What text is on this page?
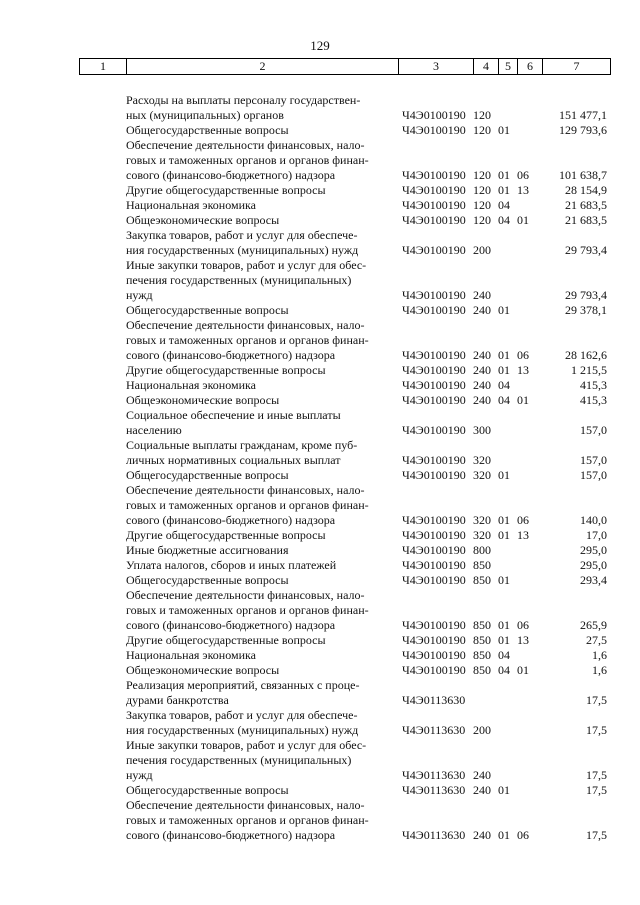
129
1	2	3	4	5	6	7
Расходы на выплаты персоналу государствен-
ных (муниципальных) органов	Ч4Э0100190	120			151 477,1

Общегосударственные вопросы	Ч4Э0100190	120	01		129 793,6

Обеспечение деятельности финансовых, нало-
говых и таможенных органов и органов финан-
сового (финансово-бюджетного) надзора	Ч4Э0100190	120	01	06	101 638,7

Другие общегосударственные вопросы	Ч4Э0100190	120	01	13	28 154,9

Национальная экономика	Ч4Э0100190	120	04		21 683,5

Общеэкономические вопросы	Ч4Э0100190	120	04	01	21 683,5

Закупка товаров, работ и услуг для обеспече-
ния государственных (муниципальных) нужд	Ч4Э0100190	200			29 793,4

Иные закупки товаров, работ и услуг для обес-
печения государственных (муниципальных)
нужд	Ч4Э0100190	240			29 793,4

Общегосударственные вопросы	Ч4Э0100190	240	01		29 378,1

Обеспечение деятельности финансовых, нало-
говых и таможенных органов и органов финан-
сового (финансово-бюджетного) надзора	Ч4Э0100190	240	01	06	28 162,6

Другие общегосударственные вопросы	Ч4Э0100190	240	01	13	1 215,5

Национальная экономика	Ч4Э0100190	240	04		415,3

Общеэкономические вопросы	Ч4Э0100190	240	04	01	415,3

Социальное обеспечение и иные выплаты
населению	Ч4Э0100190	300			157,0

Социальные выплаты гражданам, кроме пуб-
личных нормативных социальных выплат	Ч4Э0100190	320			157,0

Общегосударственные вопросы	Ч4Э0100190	320	01		157,0

Обеспечение деятельности финансовых, нало-
говых и таможенных органов и органов финан-
сового (финансово-бюджетного) надзора	Ч4Э0100190	320	01	06	140,0

Другие общегосударственные вопросы	Ч4Э0100190	320	01	13	17,0

Иные бюджетные ассигнования	Ч4Э0100190	800			295,0

Уплата налогов, сборов и иных платежей	Ч4Э0100190	850			295,0

Общегосударственные вопросы	Ч4Э0100190	850	01		293,4

Обеспечение деятельности финансовых, нало-
говых и таможенных органов и органов финан-
сового (финансово-бюджетного) надзора	Ч4Э0100190	850	01	06	265,9

Другие общегосударственные вопросы	Ч4Э0100190	850	01	13	27,5

Национальная экономика	Ч4Э0100190	850	04		1,6

Общеэкономические вопросы	Ч4Э0100190	850	04	01	1,6

Реализация мероприятий, связанных с проце-
дурами банкротства	Ч4Э0113630				17,5

Закупка товаров, работ и услуг для обеспече-
ния государственных (муниципальных) нужд	Ч4Э0113630	200			17,5

Иные закупки товаров, работ и услуг для обес-
печения государственных (муниципальных)
нужд	Ч4Э0113630	240			17,5

Общегосударственные вопросы	Ч4Э0113630	240	01		17,5

Обеспечение деятельности финансовых, нало-
говых и таможенных органов и органов финан-
сового (финансово-бюджетного) надзора	Ч4Э0113630	240	01	06	17,5
